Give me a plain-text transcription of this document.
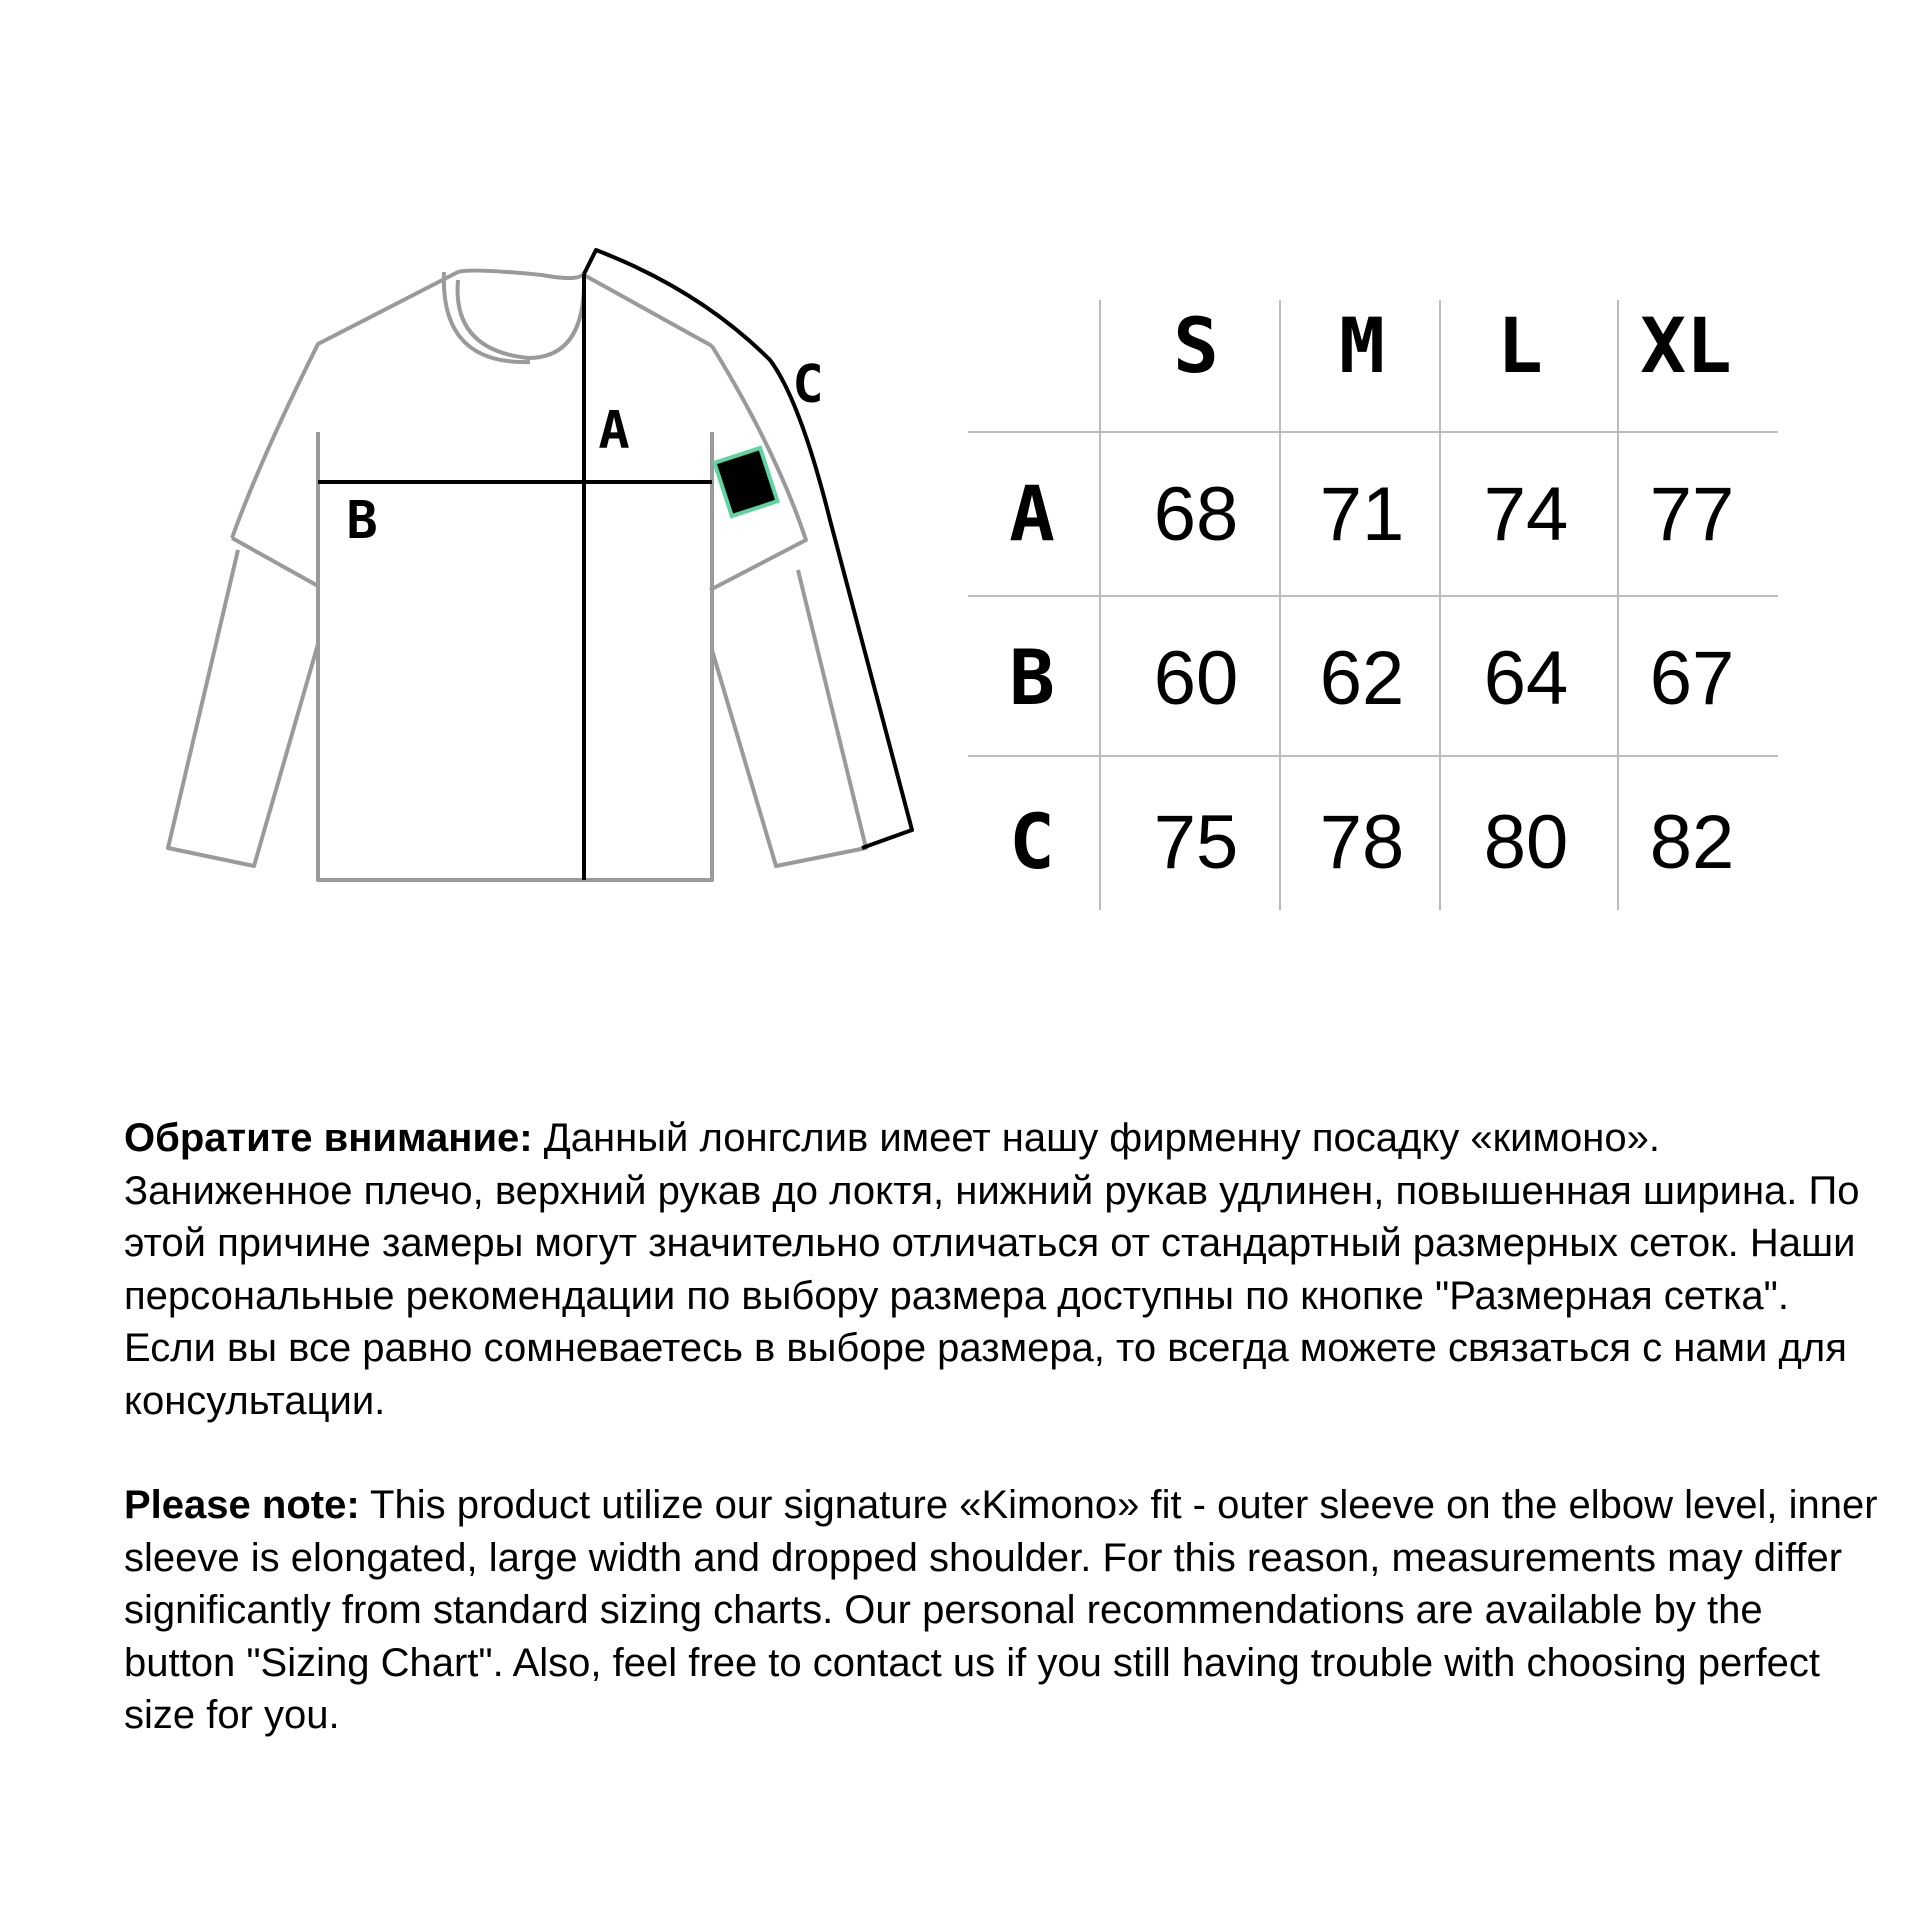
A
B
C	S M L XL
A 68 71 74 77
B 60 62 64 67
C 75 78 80 82

Обратите внимание: Данный лонгслив имеет нашу фирменну посадку «кимоно». Заниженное плечо, верхний рукав до локтя, нижний рукав удлинен, повышенная ширина. По этой причине замеры могут значительно отличаться от стандартный размерных сеток. Наши персональные рекомендации по выбору размера доступны по кнопке "Размерная сетка". Если вы все равно сомневаетесь в выборе размера, то всегда можете связаться с нами для консультации.

Please note: This product utilize our signature «Kimono» fit - outer sleeve on the elbow level, inner sleeve is elongated, large width and dropped shoulder. For this reason, measurements may differ significantly from standard sizing charts. Our personal recommendations are available by the button "Sizing Chart". Also, feel free to contact us if you still having trouble with choosing perfect size for you.
